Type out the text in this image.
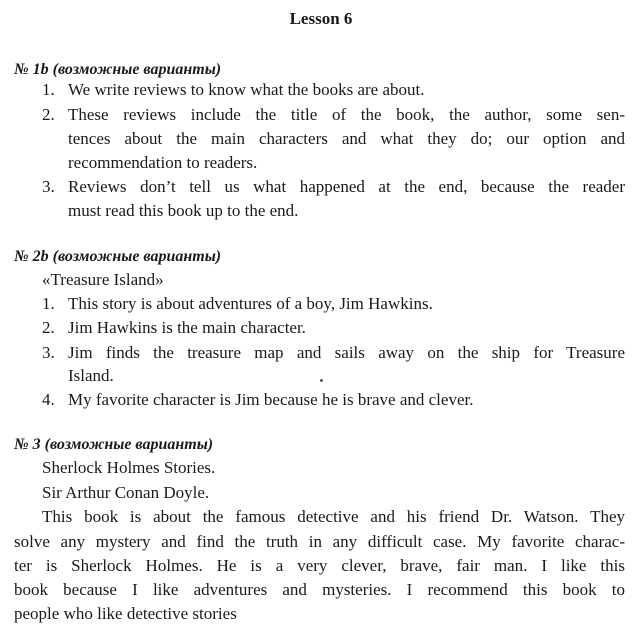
Lesson 6
№ 1b (возможные варианты)
1. We write reviews to know what the books are about.
2. These reviews include the title of the book, the author, some sen-
tences about the main characters and what they do; our option and
recommendation to readers.
3. Reviews don’t tell us what happened at the end, because the reader
must read this book up to the end.
№ 2b (возможные варианты)
«Treasure Island»
1. This story is about adventures of a boy, Jim Hawkins.
2. Jim Hawkins is the main character.
3. Jim finds the treasure map and sails away on the ship for Treasure
Island.
4. My favorite character is Jim because he is brave and clever.
№ 3 (возможные варианты)
Sherlock Holmes Stories.
Sir Arthur Conan Doyle.
This book is about the famous detective and his friend Dr. Watson. They
solve any mystery and find the truth in any difficult case. My favorite charac-
ter is Sherlock Holmes. He is a very clever, brave, fair man. I like this
book because I like adventures and mysteries. I recommend this book to
people who like detective stories
